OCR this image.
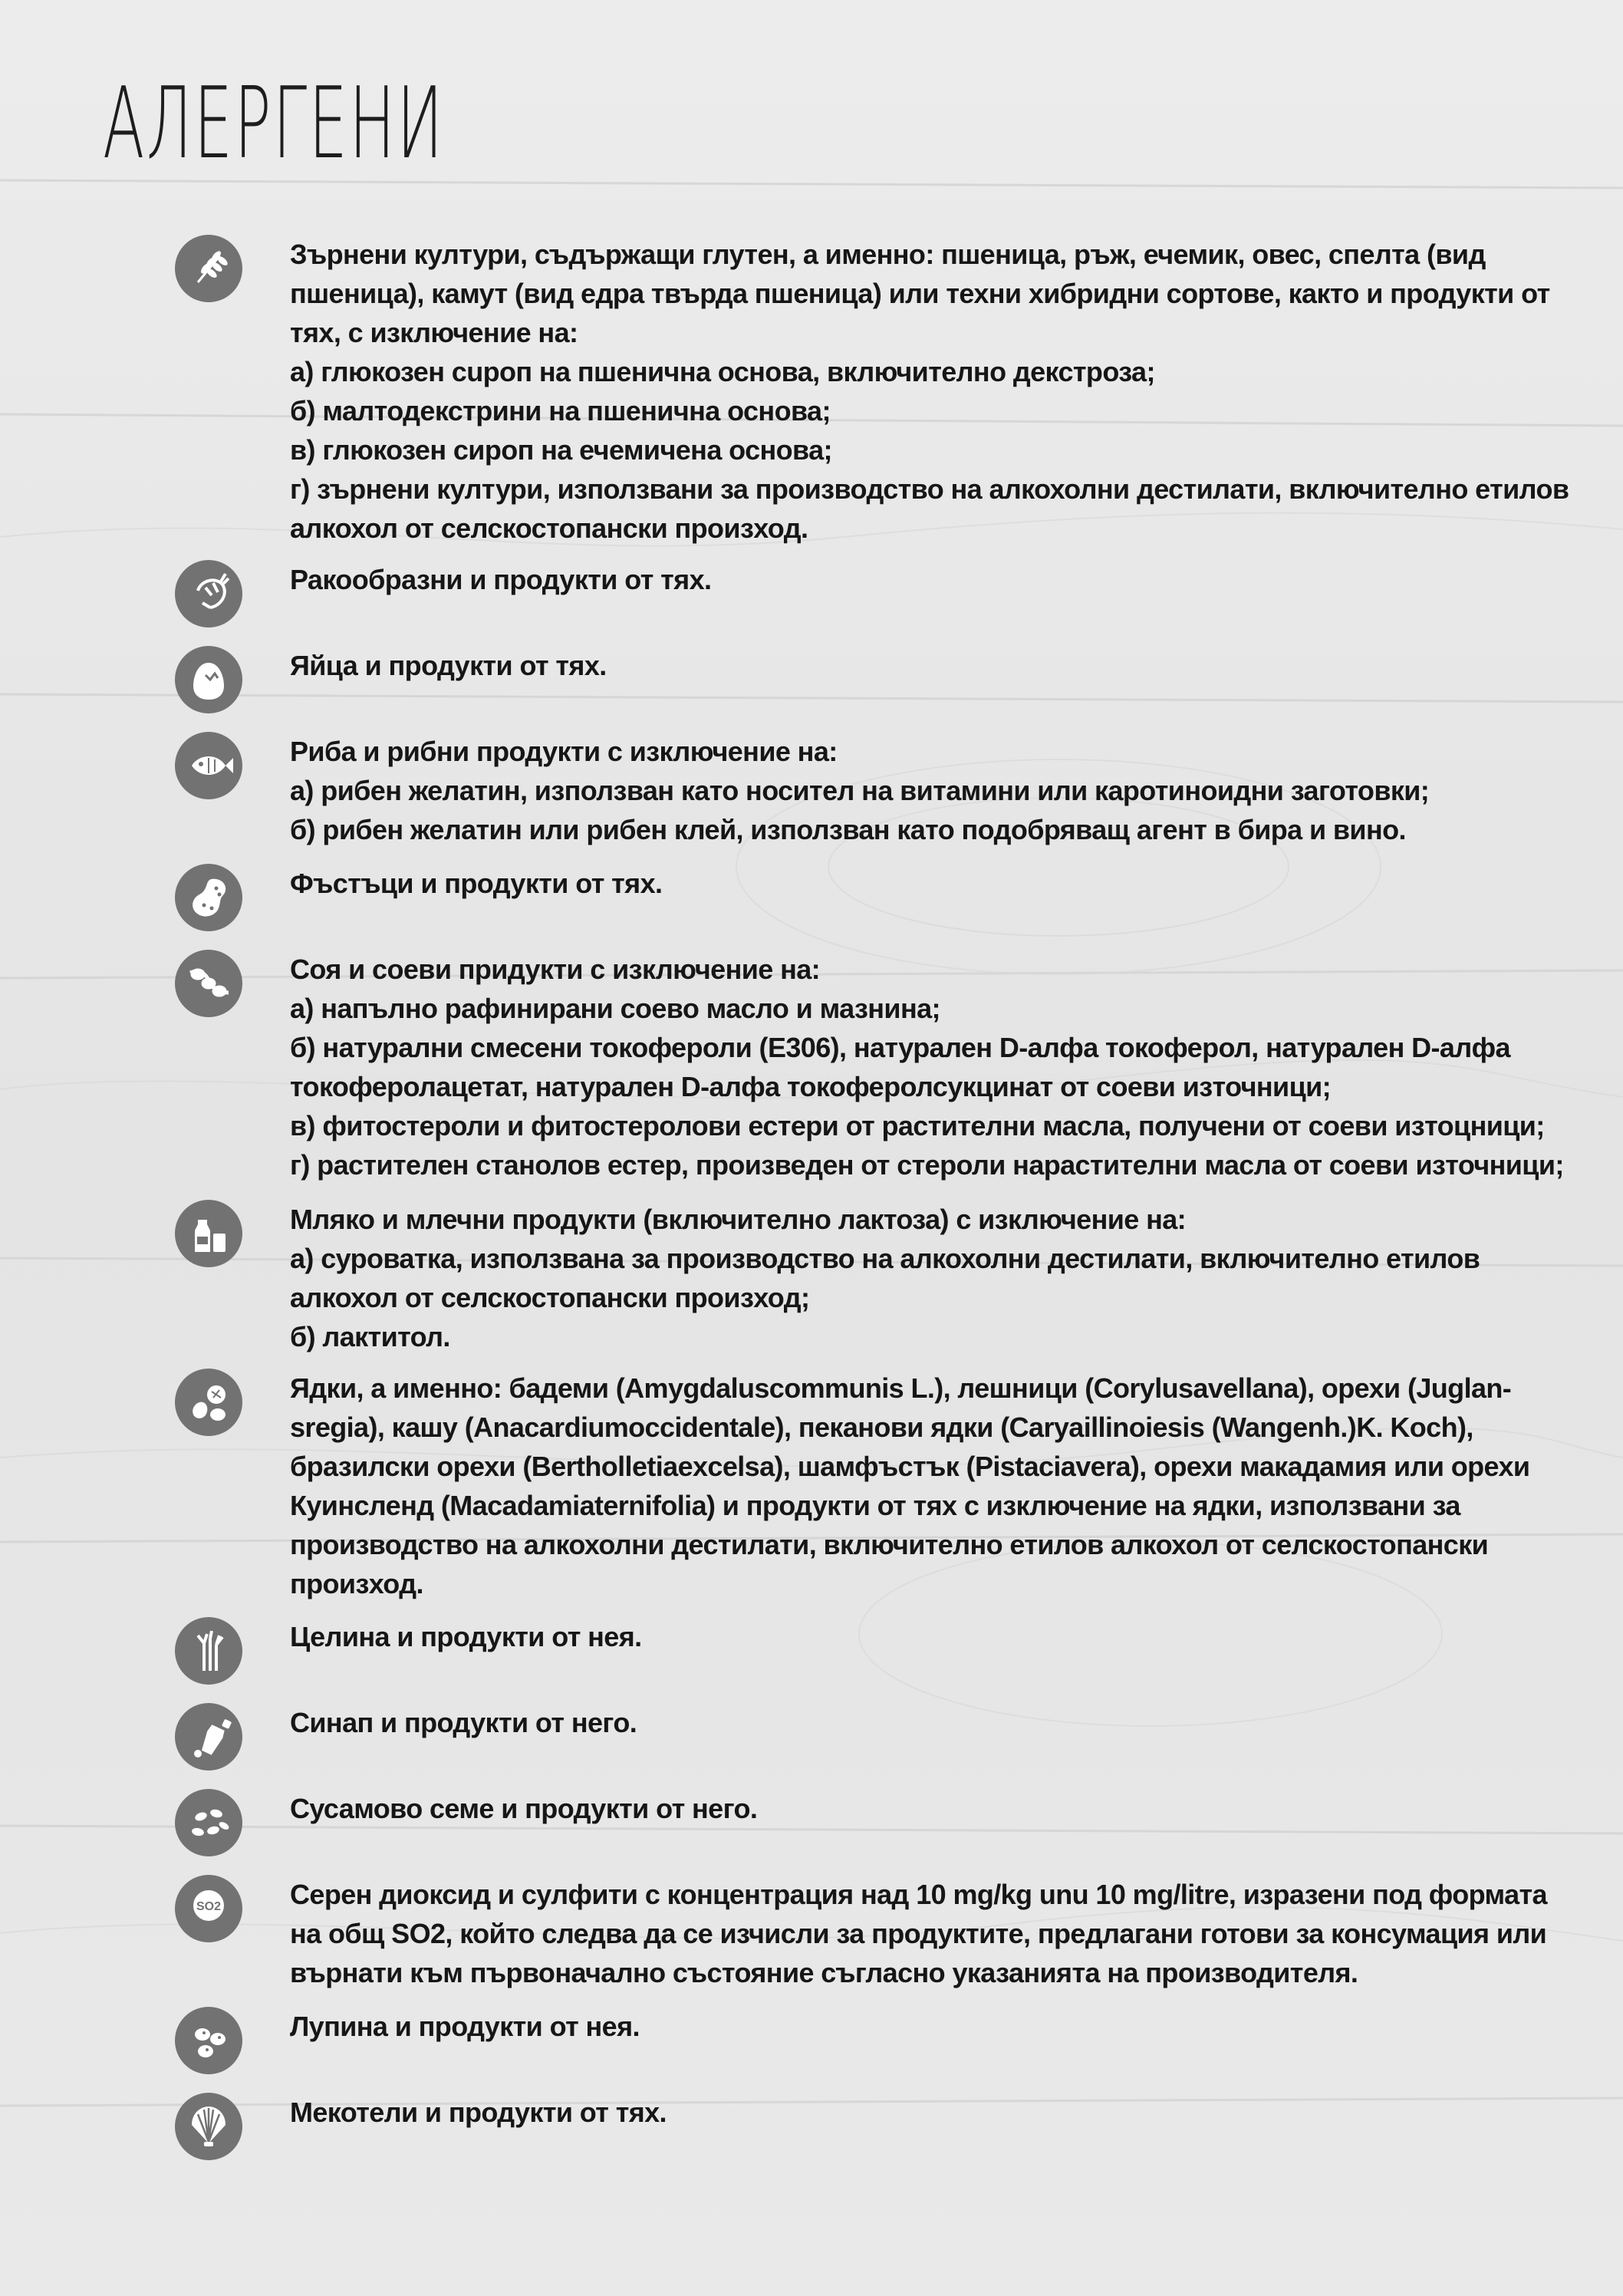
АЛЕРГЕНИ
Зърнени култури, съдържащи глутен, а именно: пшеница, ръж, ечемик, овес, спелта (вид
пшеница), камут (вид едра твърда пшеница) или техни хибридни сортове, както и продукти от
тях, с изключение на:
а) глюкозен сuроп на пшенична основа, включително декстроза;
б) малтодекстрини на пшенична основа;
в) глюкозен сироп на ечемичена основа;
г) зърнени култури, използвани за производство на алкохолни дестилати, включително етилов
алкохол от селскостопански произход.
Ракообразни и продукти от тях.
Яйца и продукти от тях.
Риба и рибни продукти с изключение на:
а) рибен желатин, използван като носител на витамини или каротиноидни заготовки;
б) рибен желатин или рибен клей, използван като подобряващ агент в бира и вино.
Фъстъци и продукти от тях.
Соя и соеви придукти с изключение на:
а) напълно рафинирани соево масло и мазнина;
б) натурални смесени токофероли (E306), натурален D-алфа токоферол, натурален D-алфа
токоферолацетат, натурален D-алфа токоферолсукцинат от соеви източници;
в) фитостероли и фитостеролови естери от растителни масла, получени от соеви изтоцници;
г) растителен станолов естер, произведен от стероли нарастителни масла от соеви източници;
Мляко и млечни продукти (включително лактоза) с изключение на:
а) суроватка, използвана за производство на алкохолни дестилати, включително етилов
алкохол от селскостопански произход;
б) лактитол.
Ядки, а именно: бадеми (Amygdaluscommunis L.), лешници (Corylusavellana), орехи (Juglan-
sregia), кашу (Anacardiumoccidentale), пеканови ядки (Caryaillinoiesis (Wangenh.)K. Koch),
бразилски орехи (Bertholletiaexcelsa), шамфъстък (Pistaciavera), орехи макадамия или орехи
Куинсленд (Macadamiaternifolia) и продукти от тях с изключение на ядки, използвани за
производство на алкохолни дестилати, включително етилов алкохол от селскостопански
произход.
Целина и продукти от нея.
Синап и продукти от него.
Сусамово семе и продукти от него.
SO2 Серен диоксид и сулфити с концентрация над 10 mg/kg unu 10 mg/litre, изразени под формата
на общ SO2, който следва да се изчисли за продуктите, предлагани готови за консумация или
върнати към първоначално състояние съгласно указанията на производителя.
Лупина и продукти от нея.
Мекотели и продукти от тях.
